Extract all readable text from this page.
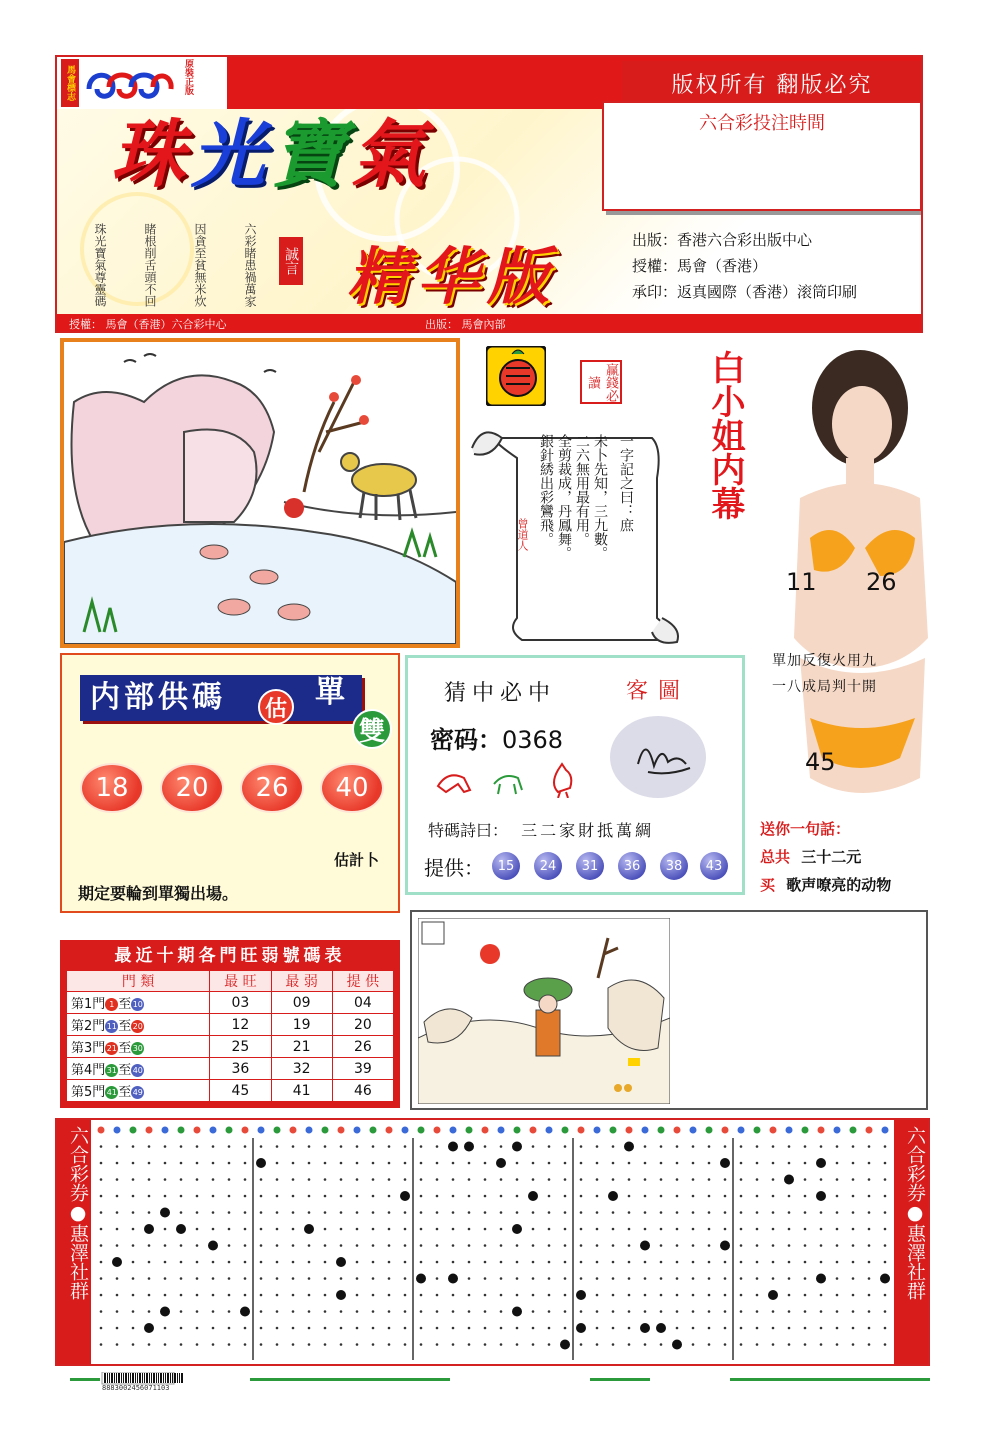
馬會標志	原裝正版	版权所有 翻版必究
珠光寶氣
珠光寶氣尊靈碼	睹根削舌頭不回	因貪至貧無米炊	六彩睹患禍萬家 誠言 精华版
六合彩投注時間
出版：香港六合彩出版中心
授權：馬會（香港）
承印：返真國際（香港）滚筒印刷
授權： 馬會（香港）六合彩中心	出版： 馬會內部
赢錢必讀
一字記之曰：庶
未卜先知，三九數。
二六無用最有用。
全剪裁成，丹鳳舞。
銀針綉出彩鸞飛。
曾道人
白小姐内幕
11 26
單加反復火用九
一八成局判十開
45
送你一句話：
总共 三十二元
买 歌声嘹亮的动物
内部供碼	估 單
雙
18	20	26	40
估計卜
期定要輪到單獨出場。
猜中必中	客圖
密码：0368
特碼詩曰： 三二家財抵萬綢
提供：	15	24	31	36	38	43
最近十期各門旺弱號碼表
門 類	最 旺	最 弱	提 供
第1門 1 至10	03	09	04
第2門11至20	12	19	20
第3門21至30	25	21	26
第4門31至40	36	32	39
第5門41至49	45	41	46
六合彩券●惠澤社群	六合彩券●惠澤社群
8883002456071103
